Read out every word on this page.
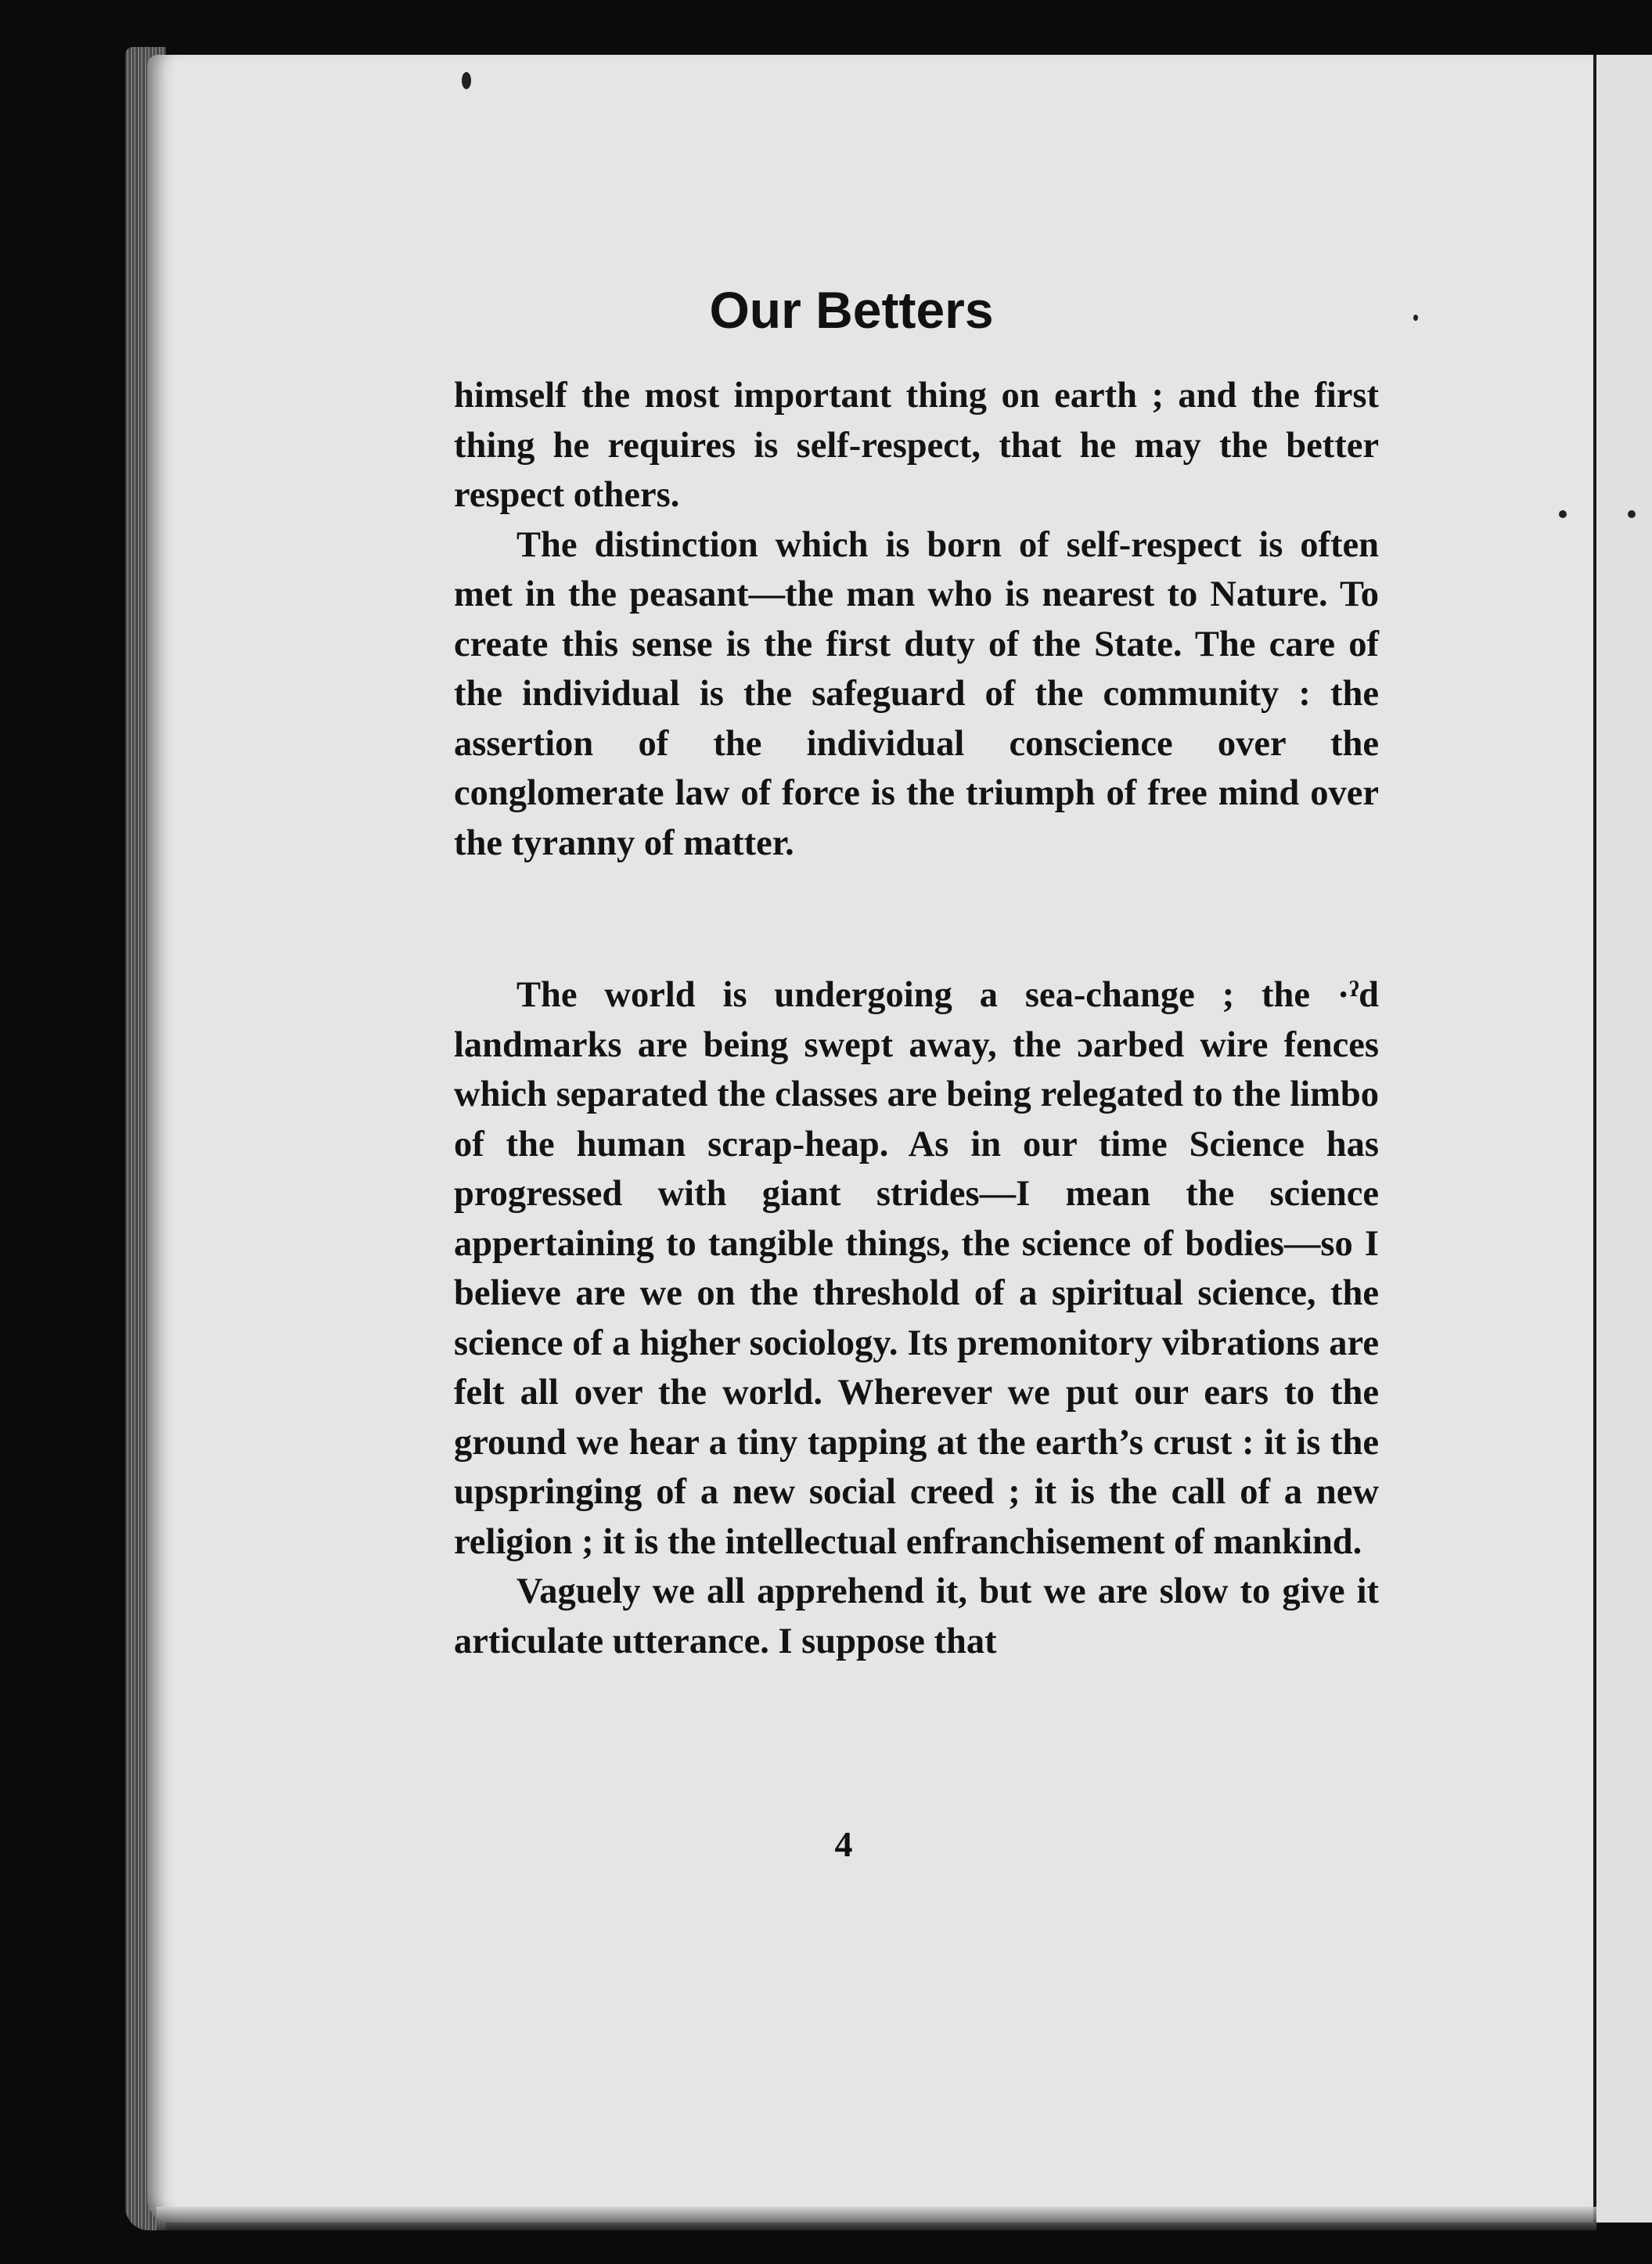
Our Betters

himself the most important thing on earth ; and the first thing he requires is self-respect, that he may the better respect others.

The distinction which is born of self-respect is often met in the peasant—the man who is nearest to Nature. To create this sense is the first duty of the State. The care of the individual is the safeguard of the community : the assertion of the individual conscience over the conglomerate law of force is the triumph of free mind over the tyranny of matter.

The world is undergoing a sea-change ; the ·ˀd landmarks are being swept away, the ɔarbed wire fences which separated the classes are being relegated to the limbo of the human scrap-heap. As in our time Science has progressed with giant strides—I mean the science appertaining to tangible things, the science of bodies—so I believe are we on the threshold of a spiritual ѕcience, the science of a higher sociology. Its premonitory vibrations are felt all over the world. Wherever we put our ears to the ground we hear a tiny tapping at the earth’s crust : it is the upspringing of a new social creed ; it is the call of a new religion ; it is the intellectual enfranchisement of mankind.

Vaguely we all apprehend it, but we are slow to give it articulate utterance. I suppose that

4
